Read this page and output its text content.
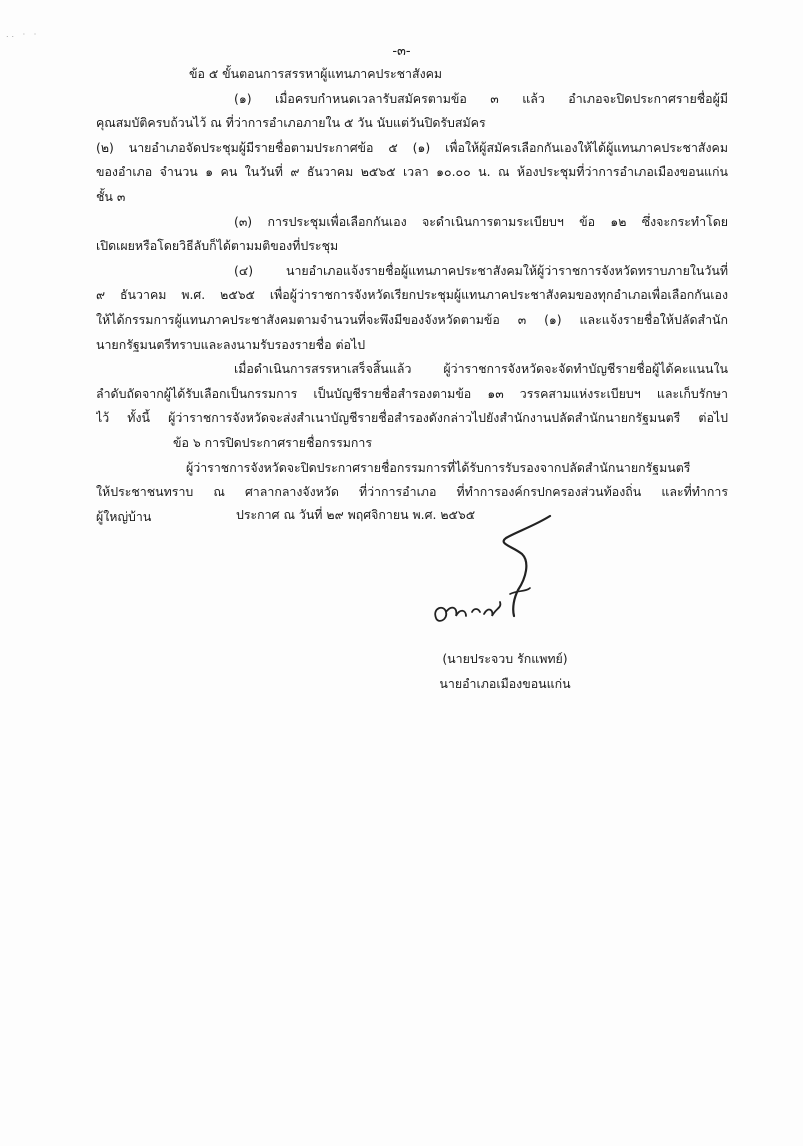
.. · ·
-๓-
ข้อ ๕ ขั้นตอนการสรรหาผู้แทนภาคประชาสังคม
(๑) เมื่อครบกำหนดเวลารับสมัครตามข้อ ๓ แล้ว อำเภอจะปิดประกาศรายชื่อผู้มี
คุณสมบัติครบถ้วนไว้ ณ ที่ว่าการอำเภอภายใน ๕ วัน นับแต่วันปิดรับสมัคร
(๒) นายอำเภอจัดประชุมผู้มีรายชื่อตามประกาศข้อ ๕ (๑) เพื่อให้ผู้สมัครเลือกกันเองให้ได้ผู้แทนภาคประชาสังคม
ของอำเภอ จำนวน ๑ คน ในวันที่ ๙ ธันวาคม ๒๕๖๕ เวลา ๑๐.๐๐ น. ณ ห้องประชุมที่ว่าการอำเภอเมืองขอนแก่น
ชั้น ๓
(๓) การประชุมเพื่อเลือกกันเอง จะดำเนินการตามระเบียบฯ ข้อ ๑๒ ซึ่งจะกระทำโดย
เปิดเผยหรือโดยวิธีลับก็ได้ตามมติของที่ประชุม
(๔) นายอำเภอแจ้งรายชื่อผู้แทนภาคประชาสังคมให้ผู้ว่าราชการจังหวัดทราบภายในวันที่
๙ ธันวาคม พ.ศ. ๒๕๖๕ เพื่อผู้ว่าราชการจังหวัดเรียกประชุมผู้แทนภาคประชาสังคมของทุกอำเภอเพื่อเลือกกันเอง
ให้ได้กรรมการผู้แทนภาคประชาสังคมตามจำนวนที่จะพึงมีของจังหวัดตามข้อ ๓ (๑) และแจ้งรายชื่อให้ปลัดสำนัก
นายกรัฐมนตรีทราบและลงนามรับรองรายชื่อ ต่อไป
เมื่อดำเนินการสรรหาเสร็จสิ้นแล้ว ผู้ว่าราชการจังหวัดจะจัดทำบัญชีรายชื่อผู้ได้คะแนนใน
ลำดับถัดจากผู้ได้รับเลือกเป็นกรรมการ เป็นบัญชีรายชื่อสำรองตามข้อ ๑๓ วรรคสามแห่งระเบียบฯ และเก็บรักษา
ไว้ ทั้งนี้ ผู้ว่าราชการจังหวัดจะส่งสำเนาบัญชีรายชื่อสำรองดังกล่าวไปยังสำนักงานปลัดสำนักนายกรัฐมนตรี ต่อไป
ข้อ ๖ การปิดประกาศรายชื่อกรรมการ
ผู้ว่าราชการจังหวัดจะปิดประกาศรายชื่อกรรมการที่ได้รับการรับรองจากปลัดสำนักนายกรัฐมนตรี
ให้ประชาชนทราบ ณ ศาลากลางจังหวัด ที่ว่าการอำเภอ ที่ทำการองค์กรปกครองส่วนท้องถิ่น และที่ทำการ
ผู้ใหญ่บ้าน	ประกาศ ณ วันที่ ๒๙ พฤศจิกายน พ.ศ. ๒๕๖๕
(นายประจวบ รักแพทย์)
นายอำเภอเมืองขอนแก่น
